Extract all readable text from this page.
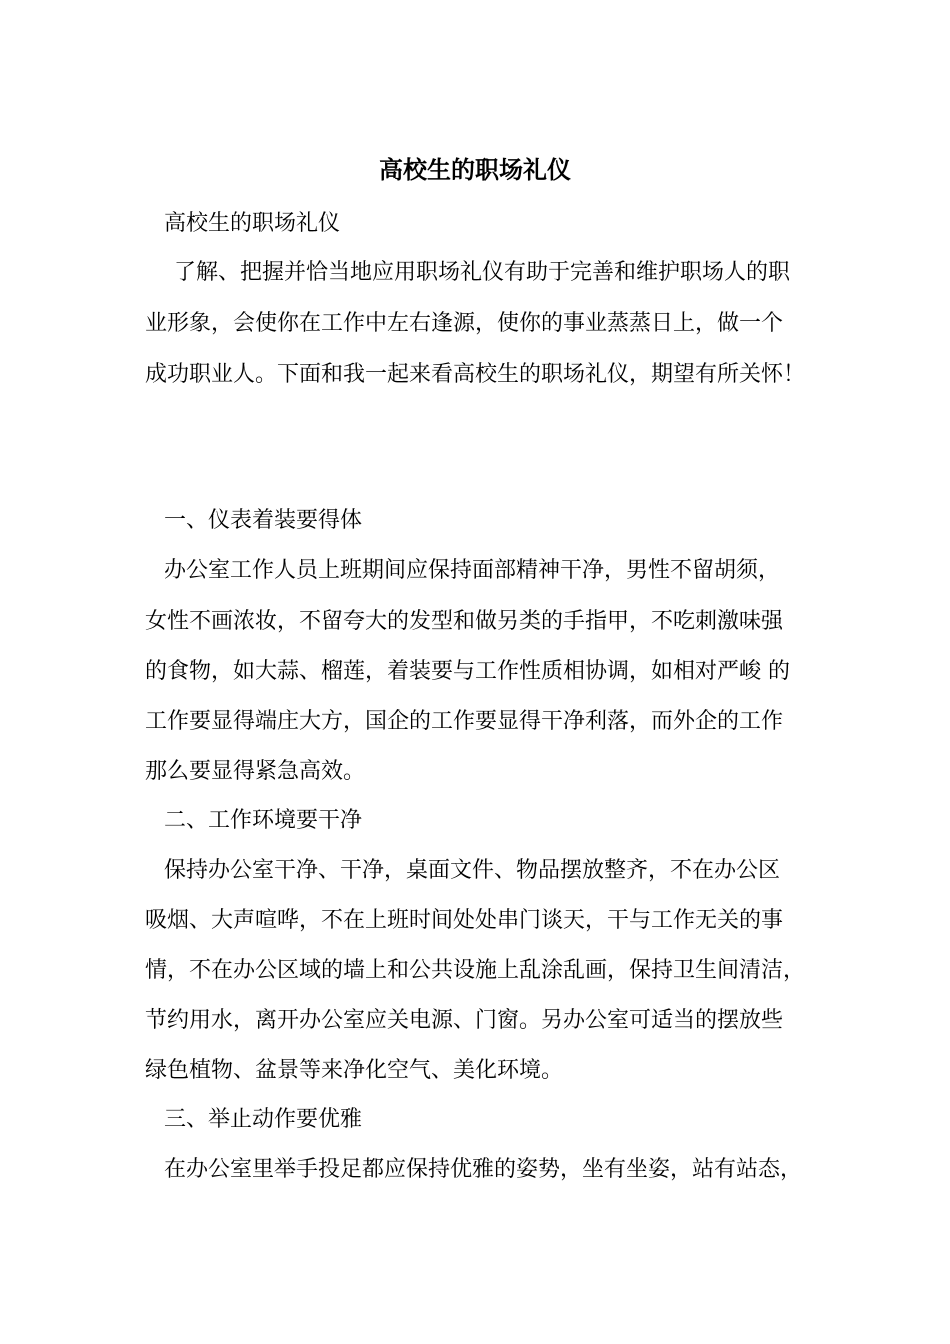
高校生的职场礼仪

高校生的职场礼仪

了解、把握并恰当地应用职场礼仪有助于完善和维护职场人的职

业形象，会使你在工作中左右逢源，使你的事业蒸蒸日上，做一个

成功职业人。下面和我一起来看高校生的职场礼仪，期望有所关怀！

一、仪表着装要得体

办公室工作人员上班期间应保持面部精神干净，男性不留胡须，

女性不画浓妆，不留夸大的发型和做另类的手指甲，不吃刺激味强

的食物，如大蒜、榴莲，着装要与工作性质相协调，如相对严峻 的

工作要显得端庄大方，国企的工作要显得干净利落，而外企的工作

那么要显得紧急高效。

二、工作环境要干净

保持办公室干净、干净，桌面文件、物品摆放整齐，不在办公区

吸烟、大声喧哗，不在上班时间处处串门谈天，干与工作无关的事

情，不在办公区域的墙上和公共设施上乱涂乱画，保持卫生间清洁，

节约用水，离开办公室应关电源、门窗。另办公室可适当的摆放些

绿色植物、盆景等来净化空气、美化环境。

三、举止动作要优雅

在办公室里举手投足都应保持优雅的姿势，坐有坐姿，站有站态，
